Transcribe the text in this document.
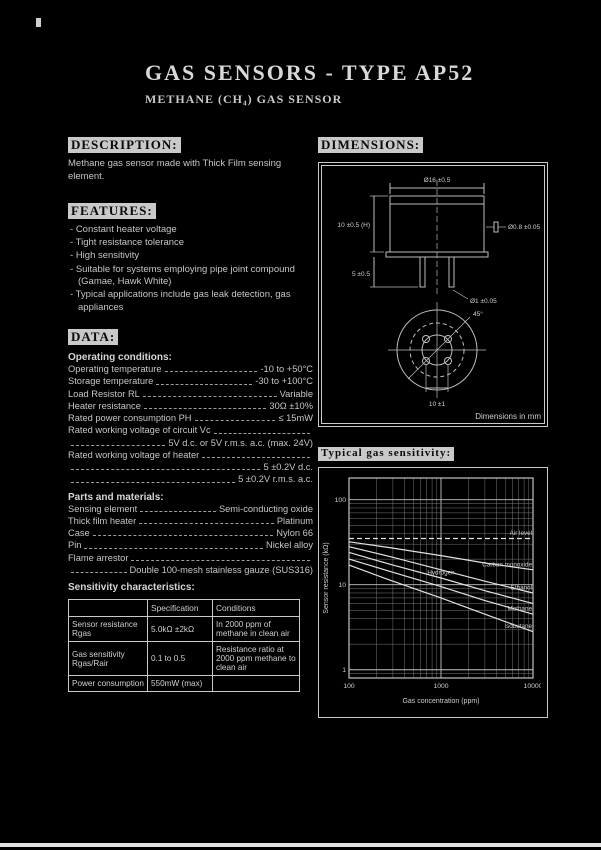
GAS SENSORS - TYPE AP52
METHANE (CH₄) GAS SENSOR
DESCRIPTION:
Methane gas sensor made with Thick Film sensing element.
FEATURES:
- Constant heater voltage
- Tight resistance tolerance
- High sensitivity
- Suitable for systems employing pipe joint compound (Gamae, Hawk White)
- Typical applications include gas leak detection, gas appliances
DATA:
Operating conditions:
Operating temperature	-10 to +50°C
Storage temperature	-30 to +100°C
Load Resistor RL	Variable
Heater resistance	30Ω ±10%
Rated power consumption PH	≤ 15mW
Rated working voltage of circuit Vc
5V d.c. or 5V r.m.s. a.c. (max. 24V)
Rated working voltage of heater
5 ±0.2V d.c.
5 ±0.2V r.m.s. a.c.
Parts and materials:
Sensing element	Semi-conducting oxide
Thick film heater	Platinum
Case	Nylon 66
Pin	Nickel alloy
Flame arrestor
Double 100-mesh stainless gauze (SUS316)
Sensitivity characteristics:
	Specification	Conditions
Sensor resistance Rgas	5.0kΩ ±2kΩ	In 2000 ppm of methane in clean air
Gas sensitivity Rgas/Rair	0.1 to 0.5	Resistance ratio at 2000 ppm methane to clean air
Power consumption	550mW (max)	
DIMENSIONS:
Ø16 ±0.5
10 ±0.5 (H)
5 ±0.5
Ø0.8 ±0.05
Ø1 ±0.05
45°
10 ±1
Dimensions in mm
Typical gas sensitivity:
Air level
Carbon monoxide
Ethanol
Hydrogen
Methane
Isobutane
100	1000	10000
1
10
100
Gas concentration (ppm)
Sensor resistance (kΩ)
